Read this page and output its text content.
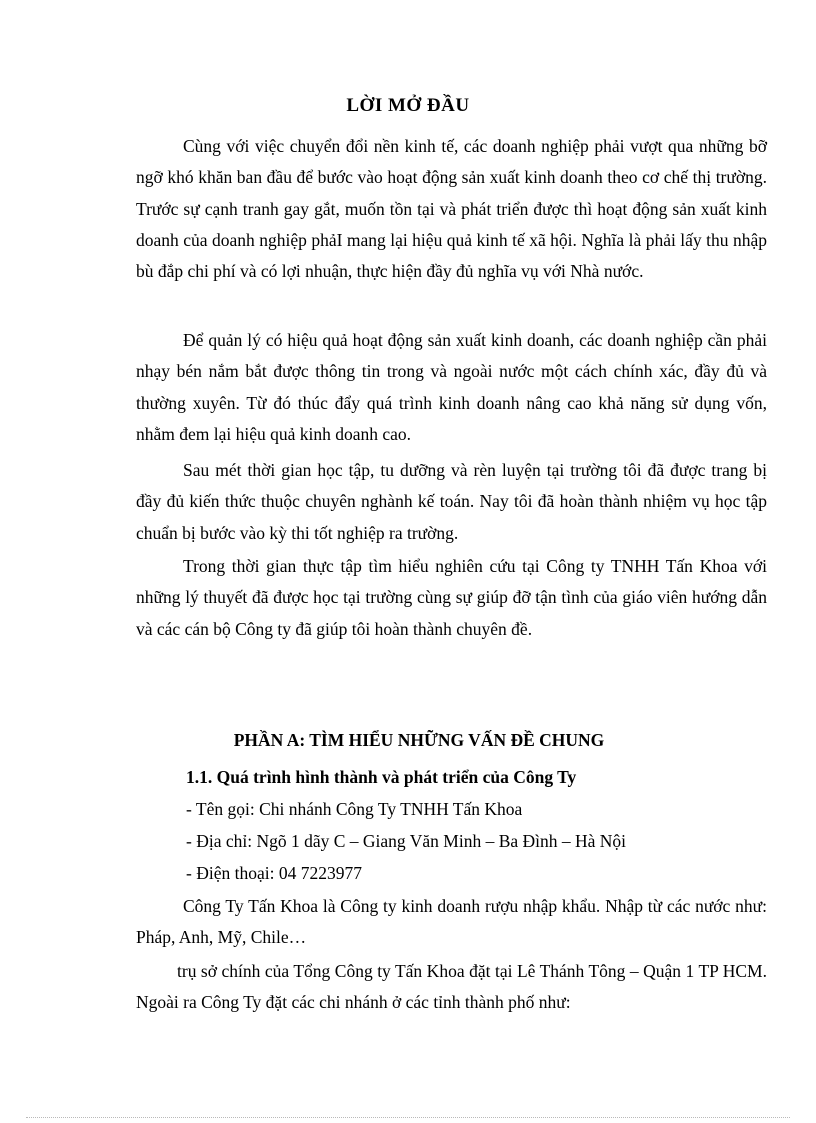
LỜI MỞ ĐẦU

Cùng với việc chuyển đổi nền kinh tế, các doanh nghiệp phải vượt qua những bỡ ngỡ khó khăn ban đầu để bước vào hoạt động sản xuất kinh doanh theo cơ chế thị trường. Trước sự cạnh tranh gay gắt, muốn tồn tại và phát triển được thì hoạt động sản xuất kinh doanh của doanh nghiệp phảI mang lại hiệu quả kinh tế xã hội. Nghĩa là phải lấy thu nhập bù đắp chi phí và có lợi nhuận, thực hiện đầy đủ nghĩa vụ với Nhà nước.

Để quản lý có hiệu quả hoạt động sản xuất kinh doanh, các doanh nghiệp cần phải nhạy bén nắm bắt được thông tin trong và ngoài nước một cách chính xác, đầy đủ và thường xuyên. Từ đó thúc đẩy quá trình kinh doanh nâng cao khả năng sử dụng vốn, nhằm đem lại hiệu quả kinh doanh cao.

Sau mét thời gian học tập, tu dưỡng và rèn luyện tại trường tôi đã được trang bị đầy đủ kiến thức thuộc chuyên nghành kế toán. Nay tôi đã hoàn thành nhiệm vụ học tập chuẩn bị bước vào kỳ thi tốt nghiệp ra trường.

Trong thời gian thực tập tìm hiểu nghiên cứu tại Công ty TNHH Tấn Khoa với những lý thuyết đã được học tại trường cùng sự giúp đỡ tận tình của giáo viên hướng dẫn và các cán bộ Công ty đã giúp tôi hoàn thành chuyên đề.

PHẦN A: TÌM HIỂU NHỮNG VẤN ĐỀ CHUNG
1.1. Quá trình hình thành và phát triển của Công Ty
- Tên gọi: Chi nhánh Công Ty TNHH Tấn Khoa
- Địa chỉ: Ngõ 1 dãy C – Giang Văn Minh – Ba Đình – Hà Nội
- Điện thoại: 04 7223977

Công Ty Tấn Khoa là Công ty kinh doanh rượu nhập khẩu. Nhập từ các nước như: Pháp, Anh, Mỹ, Chile…

trụ sở chính của Tổng Công ty Tấn Khoa đặt tại Lê Thánh Tông – Quận 1 TP HCM. Ngoài ra Công Ty đặt các chi nhánh ở các tỉnh thành phố như:
